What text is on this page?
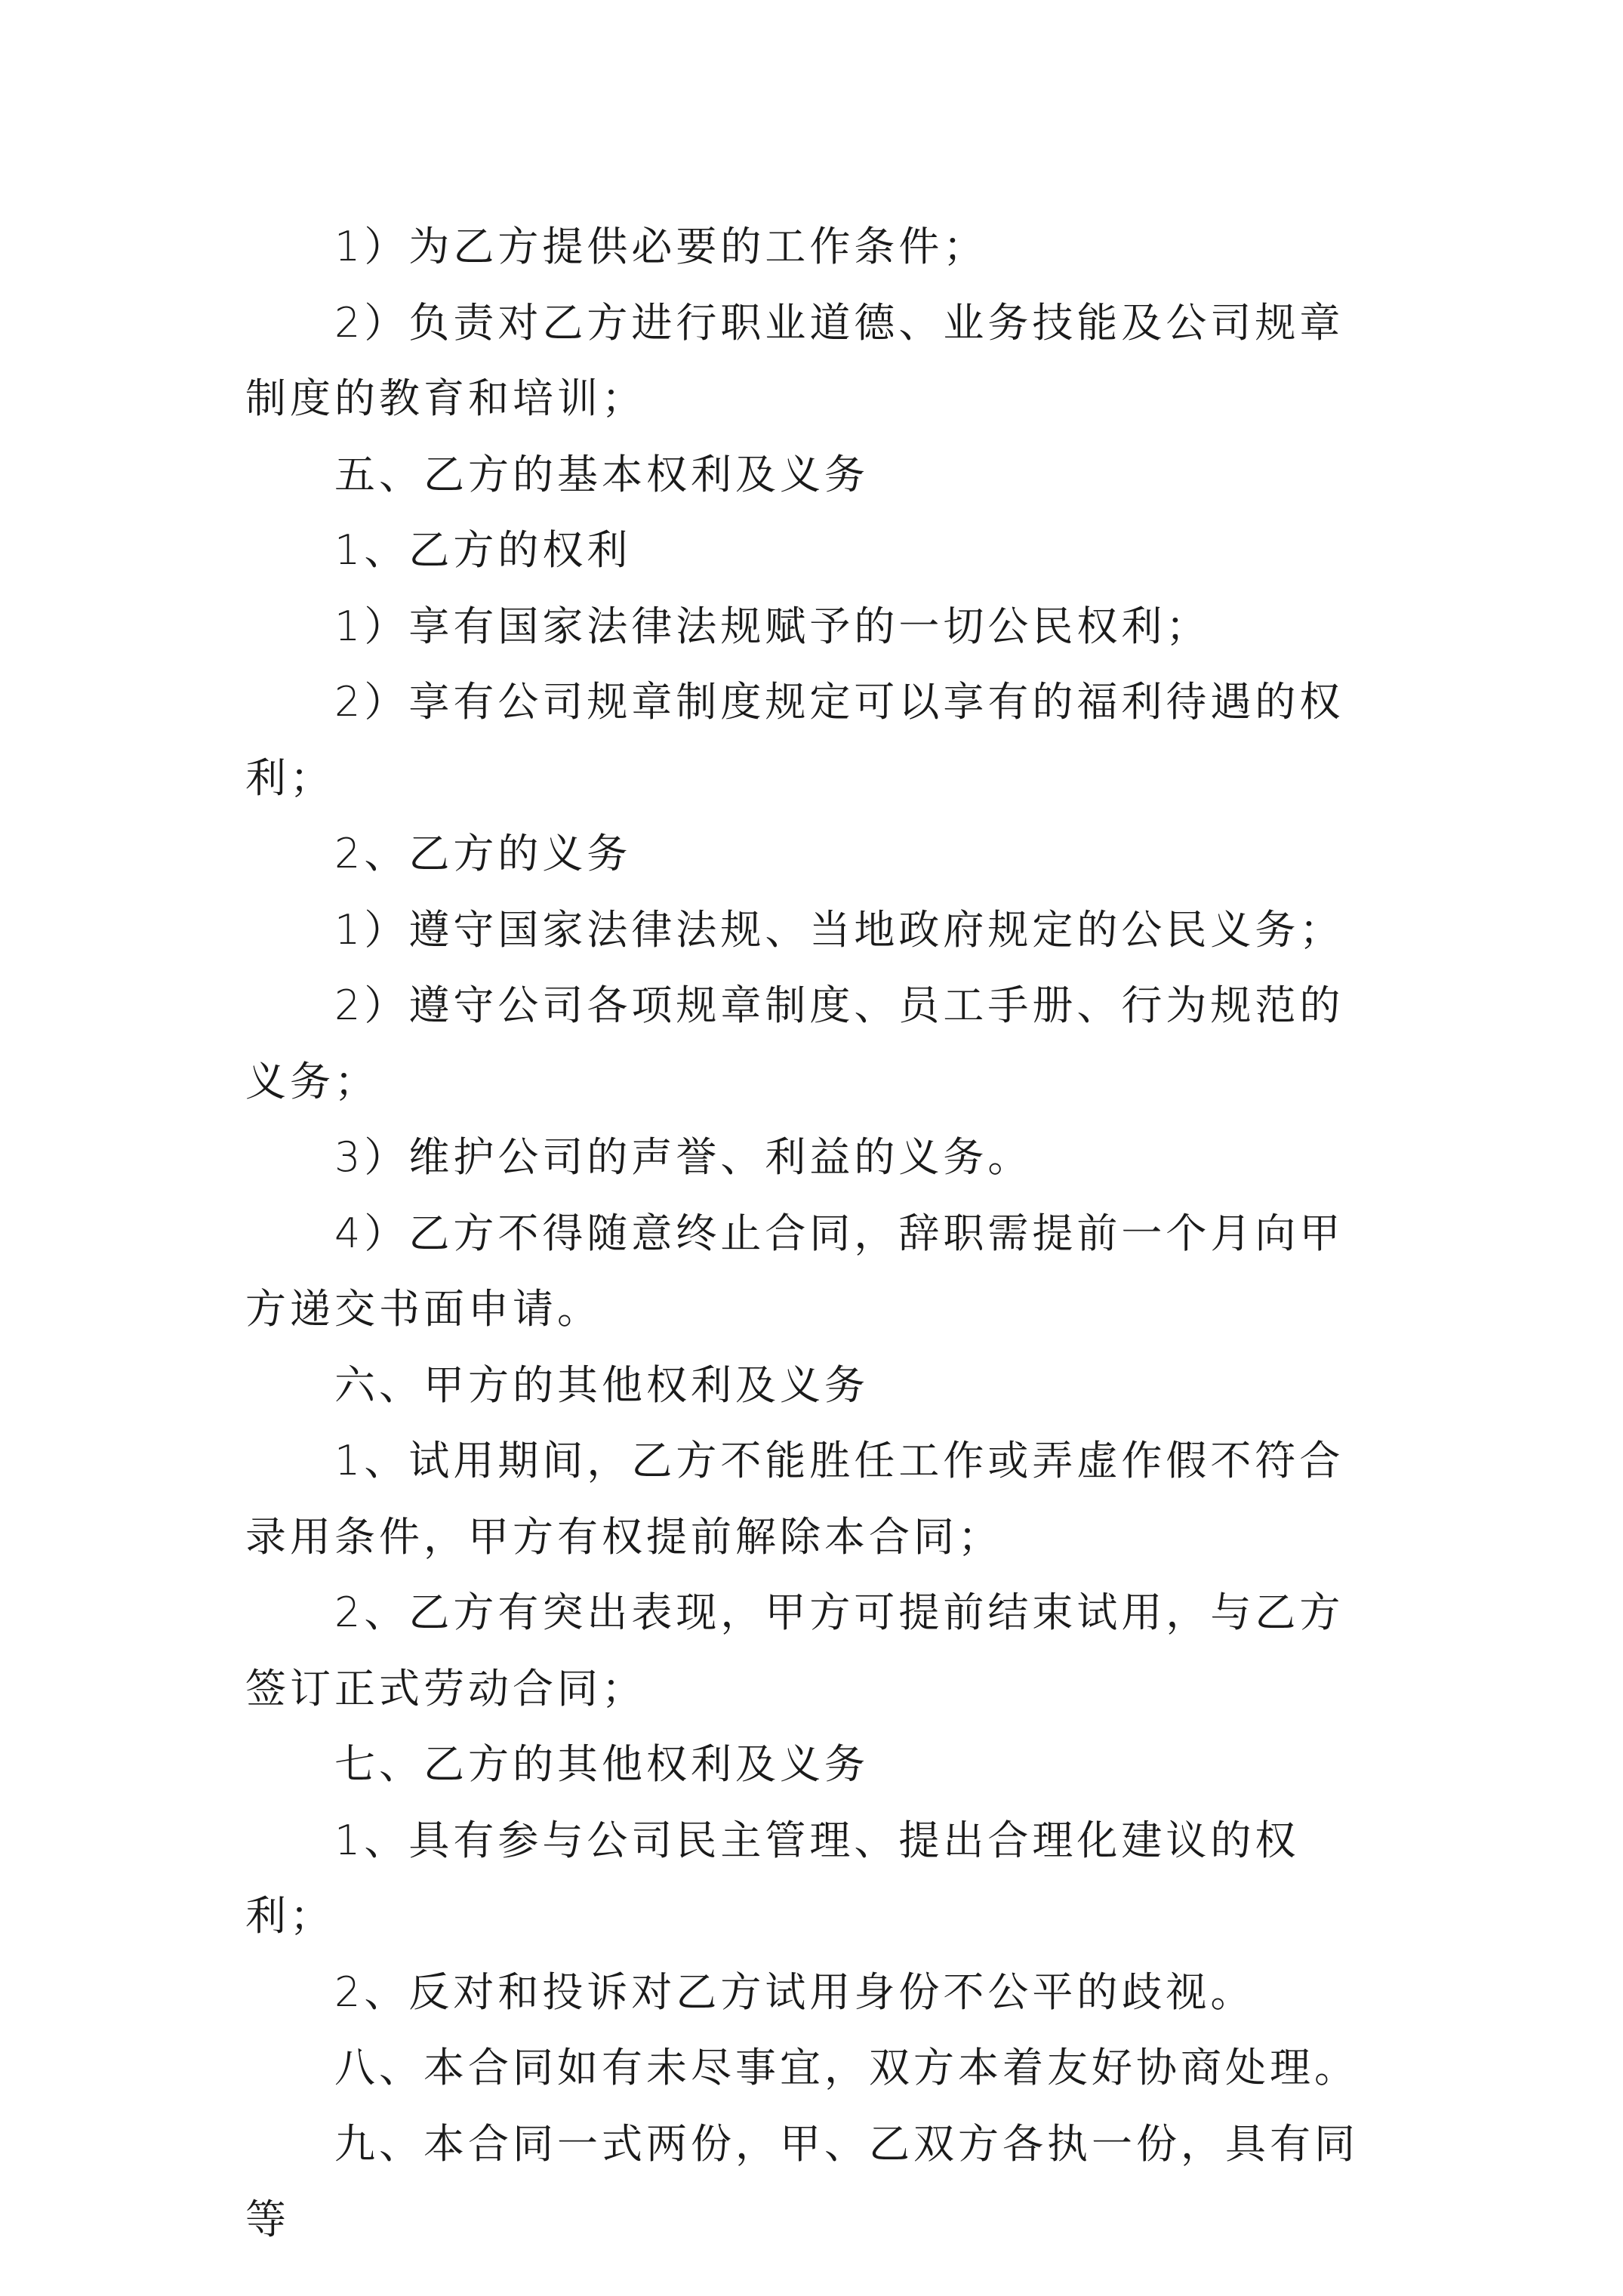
1）为乙方提供必要的工作条件；

2）负责对乙方进行职业道德、业务技能及公司规章制度的教育和培训；

五、乙方的基本权利及义务

1、乙方的权利

1）享有国家法律法规赋予的一切公民权利；

2）享有公司规章制度规定可以享有的福利待遇的权利；

2、乙方的义务

1）遵守国家法律法规、当地政府规定的公民义务；

2）遵守公司各项规章制度、员工手册、行为规范的义务；

3）维护公司的声誉、利益的义务。

4）乙方不得随意终止合同，辞职需提前一个月向甲方递交书面申请。

六、甲方的其他权利及义务

1、试用期间，乙方不能胜任工作或弄虚作假不符合录用条件，甲方有权提前解除本合同；

2、乙方有突出表现，甲方可提前结束试用，与乙方签订正式劳动合同；

七、乙方的其他权利及义务

1、具有参与公司民主管理、提出合理化建议的权利；

2、反对和投诉对乙方试用身份不公平的歧视。

八、本合同如有未尽事宜，双方本着友好协商处理。

九、本合同一式两份，甲、乙双方各执一份，具有同等
